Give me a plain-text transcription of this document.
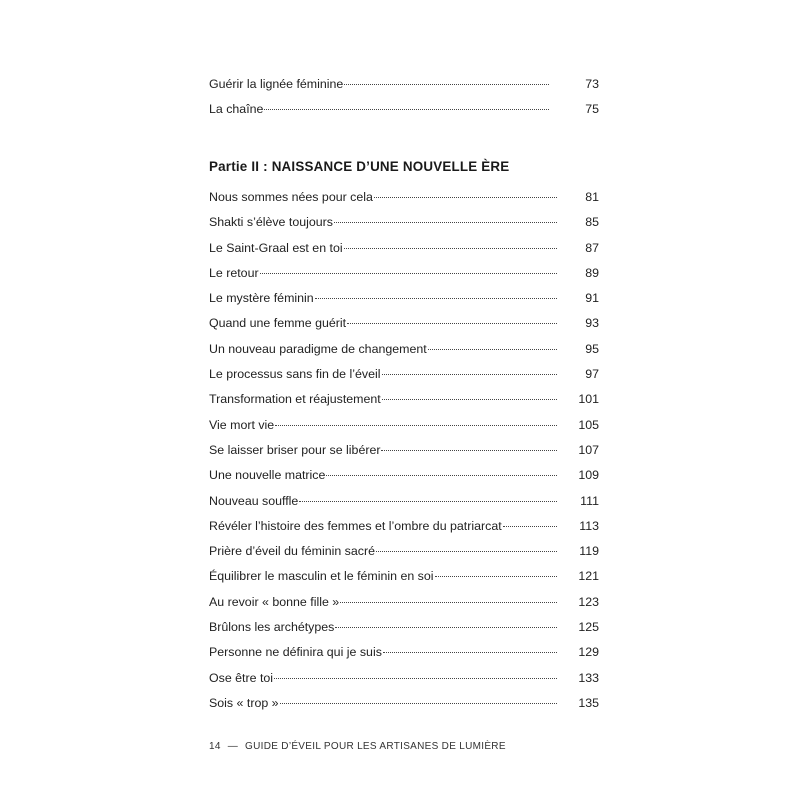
Guérir la lignée féminine	73
La chaîne	75
Partie II : NAISSANCE D’UNE NOUVELLE ÈRE
Nous sommes nées pour cela	81
Shakti s’élève toujours	85
Le Saint-Graal est en toi	87
Le retour	89
Le mystère féminin	91
Quand une femme guérit	93
Un nouveau paradigme de changement	95
Le processus sans fin de l’éveil	97
Transformation et réajustement	101
Vie mort vie	105
Se laisser briser pour se libérer	107
Une nouvelle matrice	109
Nouveau souffle	111
Révéler l’histoire des femmes et l’ombre du patriarcat	113
Prière d’éveil du féminin sacré	119
Équilibrer le masculin et le féminin en soi	121
Au revoir « bonne fille »	123
Brûlons les archétypes	125
Personne ne définira qui je suis	129
Ose être toi	133
Sois « trop »	135
14 — GUIDE D’ÉVEIL POUR LES ARTISANES DE LUMIÈRE
